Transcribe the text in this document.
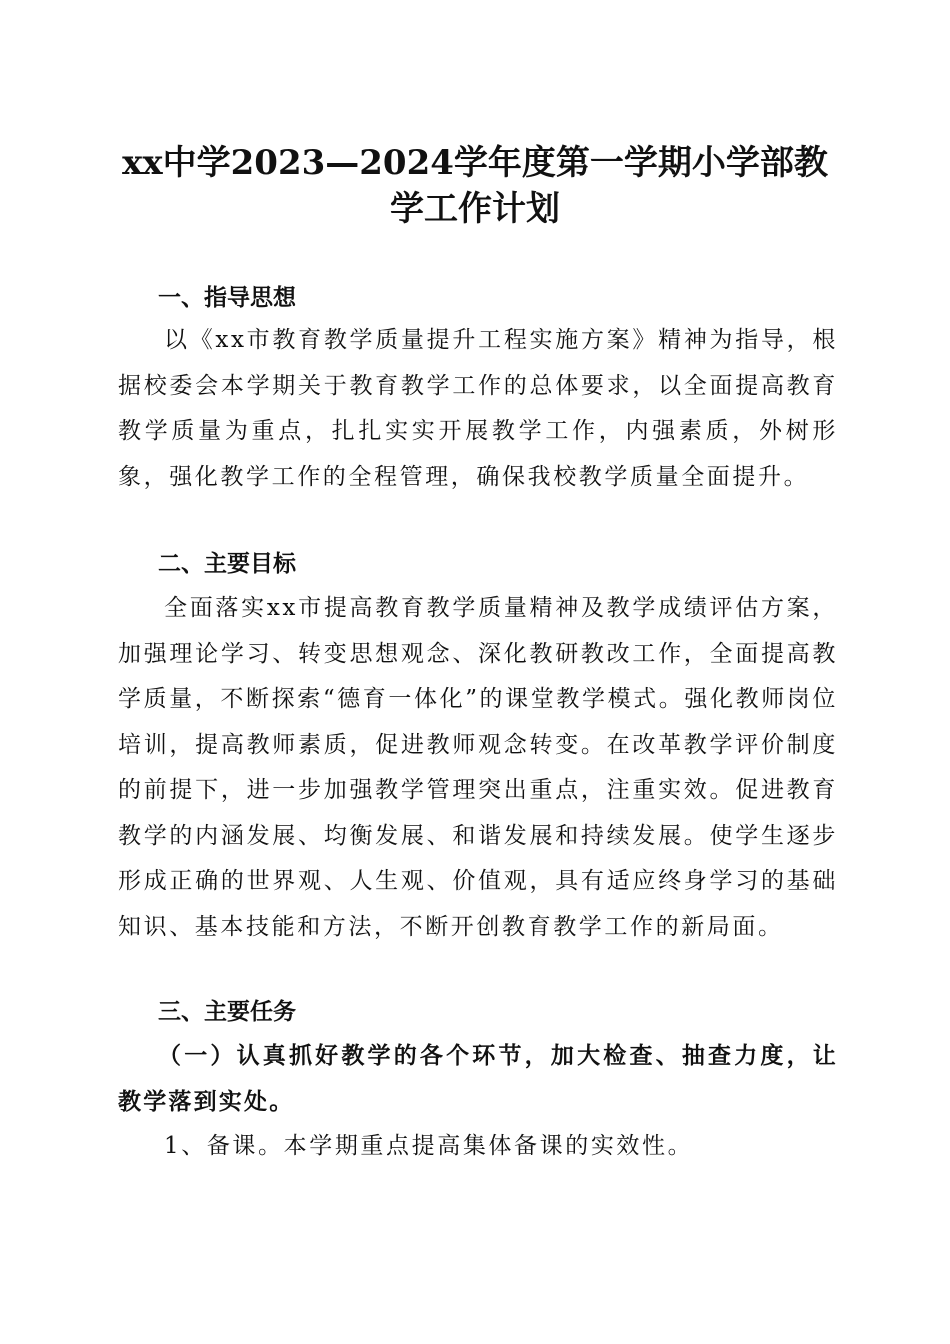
xx中学2023—2024学年度第一学期小学部教
学工作计划
一、指导思想

以《xx市教育教学质量提升工程实施方案》精神为指导，根据校委会本学期关于教育教学工作的总体要求，以全面提高教育教学质量为重点，扎扎实实开展教学工作，内强素质，外树形象，强化教学工作的全程管理，确保我校教学质量全面提升。

二、主要目标

全面落实xx市提高教育教学质量精神及教学成绩评估方案，加强理论学习、转变思想观念、深化教研教改工作，全面提高教学质量，不断探索“德育一体化”的课堂教学模式。强化教师岗位培训，提高教师素质，促进教师观念转变。在改革教学评价制度的前提下，进一步加强教学管理突出重点，注重实效。促进教育教学的内涵发展、均衡发展、和谐发展和持续发展。使学生逐步形成正确的世界观、人生观、价值观，具有适应终身学习的基础知识、基本技能和方法，不断开创教育教学工作的新局面。

三、主要任务

（一）认真抓好教学的各个环节，加大检查、抽查力度，让教学落到实处。

1、备课。本学期重点提高集体备课的实效性。
